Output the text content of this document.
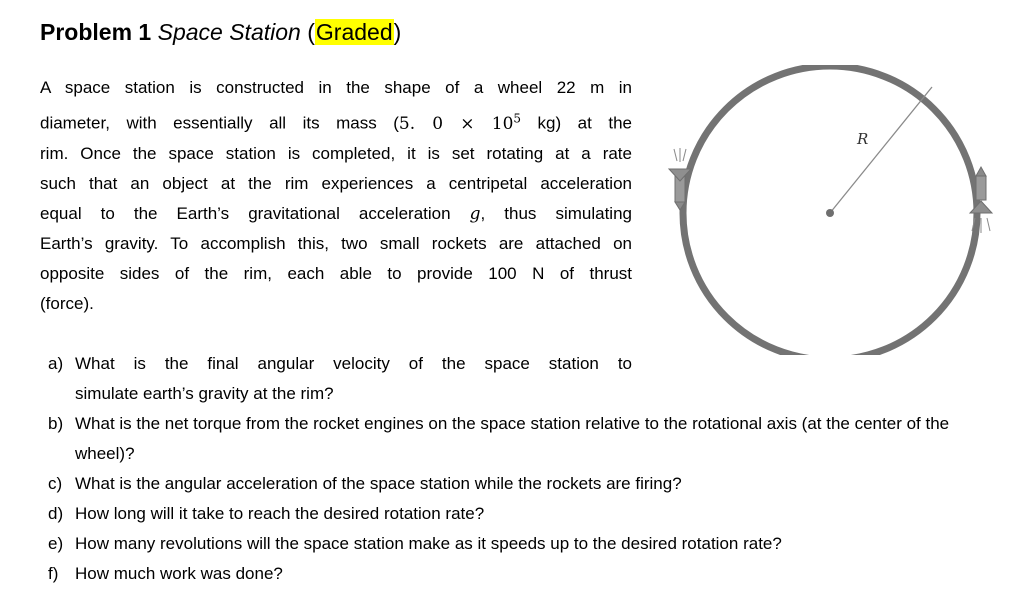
Problem 1 Space Station (Graded)
A space station is constructed in the shape of a wheel 22 m in
diameter, with essentially all its mass (5. $0 \times 10^5$ kg) at the
rim. Once the space station is completed, it is set rotating at a rate
such that an object at the rim experiences a centripetal acceleration
equal to the Earth’s gravitational acceleration g, thus simulating
Earth’s gravity. To accomplish this, two small rockets are attached on
opposite sides of the rim, each able to provide 100 N of thrust
(force).
R
a) What is the final angular velocity of the space station to
simulate earth’s gravity at the rim?
b) What is the net torque from the rocket engines on the space station relative to the rotational axis (at the center of the wheel)?
c) What is the angular acceleration of the space station while the rockets are firing?
d) How long will it take to reach the desired rotation rate?
e) How many revolutions will the space station make as it speeds up to the desired rotation rate?
f) How much work was done?
